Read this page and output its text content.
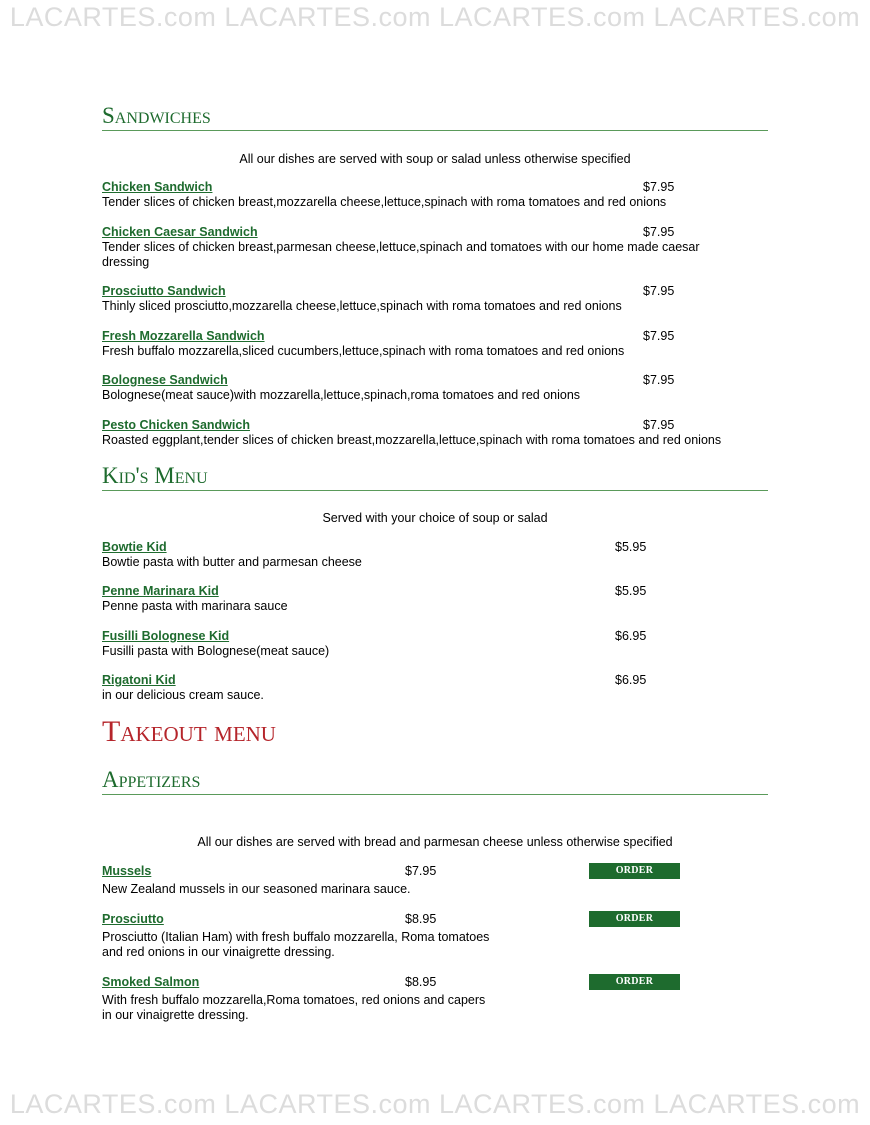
LACARTES.com LACARTES.com LACARTES.com LACARTES.com
Sandwiches
All our dishes are served with soup or salad unless otherwise specified
Chicken Sandwich
Tender slices of chicken breast,mozzarella cheese,lettuce,spinach with roma tomatoes and red onions
$7.95
Chicken Caesar Sandwich
Tender slices of chicken breast,parmesan cheese,lettuce,spinach and tomatoes with our home made caesar dressing
$7.95
Prosciutto Sandwich
Thinly sliced prosciutto,mozzarella cheese,lettuce,spinach with roma tomatoes and red onions
$7.95
Fresh Mozzarella Sandwich
Fresh buffalo mozzarella,sliced cucumbers,lettuce,spinach with roma tomatoes and red onions
$7.95
Bolognese Sandwich
Bolognese(meat sauce)with mozzarella,lettuce,spinach,roma tomatoes and red onions
$7.95
Pesto Chicken Sandwich
Roasted eggplant,tender slices of chicken breast,mozzarella,lettuce,spinach with roma tomatoes and red onions
$7.95
Kid's Menu
Served with your choice of soup or salad
Bowtie Kid
Bowtie pasta with butter and parmesan cheese
$5.95
Penne Marinara Kid
Penne pasta with marinara sauce
$5.95
Fusilli Bolognese Kid
Fusilli pasta with Bolognese(meat sauce)
$6.95
Rigatoni Kid
in our delicious cream sauce.
$6.95
Takeout menu
Appetizers
All our dishes are served with bread and parmesan cheese unless otherwise specified
Mussels
New Zealand mussels in our seasoned marinara sauce.
$7.95	ORDER
Prosciutto
Prosciutto (Italian Ham) with fresh buffalo mozzarella, Roma tomatoes
and red onions in our vinaigrette dressing.
$8.95	ORDER
Smoked Salmon
With fresh buffalo mozzarella,Roma tomatoes, red onions and capers
in our vinaigrette dressing.
$8.95	ORDER
LACARTES.com LACARTES.com LACARTES.com LACARTES.com
